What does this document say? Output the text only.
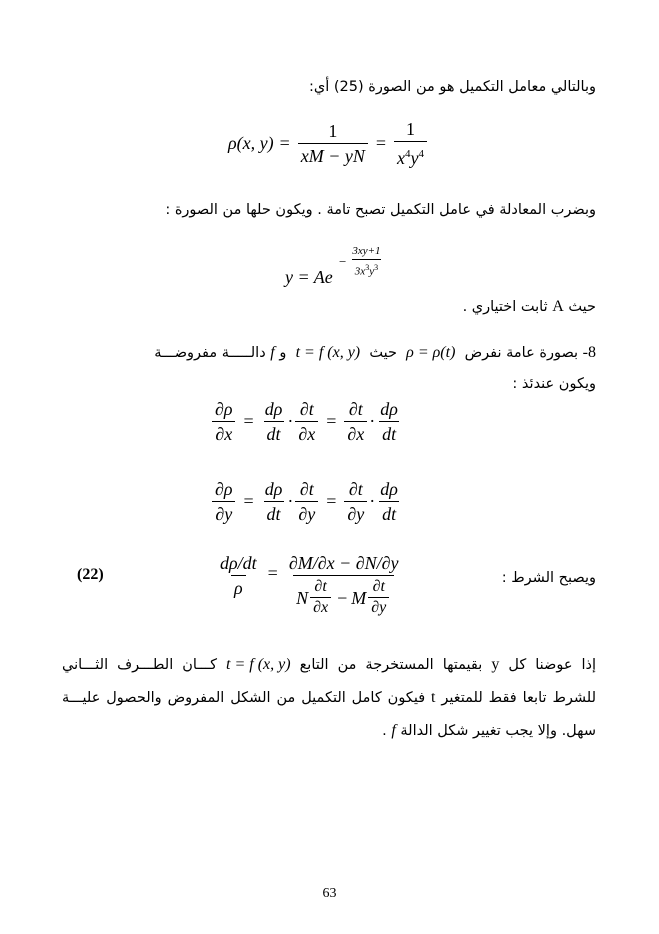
وبالتالي معامل التكميل هو من الصورة (25) أي:
ρ(x, $y) = \frac{1}{xM - yN} = \frac{1}{x^4y^4}$
وبضرب المعادلة في عامل التكميل تصبح تامة . ويكون حلها من الصورة :
y = Ae
− $\frac{3xy+1}{3x^3y^3}$
حيث A ثابت اختياري .
8- بصورة عامة نفرض  ρ = ρ(t)  حيث  t = f (x, y)  و f دالـــــة مفروضـــة
ويكون عندئذ :
$\frac{\partial\rho}{\partial x} = \frac{d\rho}{dt} \cdot \frac{\partial t}{\partial x} = \frac{\partial t}{\partial x} \cdot \frac{d\rho}{dt}$
$\frac{\partial\rho}{\partial y} = \frac{d\rho}{dt} \cdot \frac{\partial t}{\partial y} = \frac{\partial t}{\partial y} \cdot \frac{d\rho}{dt}$
(22)	ويصبح الشرط :
$\frac{d\rho/dt}{\rho} = \partial M/\partial x - \partial N/\partial y$
N $\frac{\partial t}{\partial x} - M \frac{\partial t}{\partial y}$
إذا عوضنا كل y بقيمتها المستخرجة من التابع t = f (x, y) كـــان الطـــرف الثـــاني
للشرط تابعا فقط للمتغير t فيكون كامل التكميل من الشكل المفروض والحصول عليـــة
سهل. وإلا يجب تغيير شكل الدالة f .
63
